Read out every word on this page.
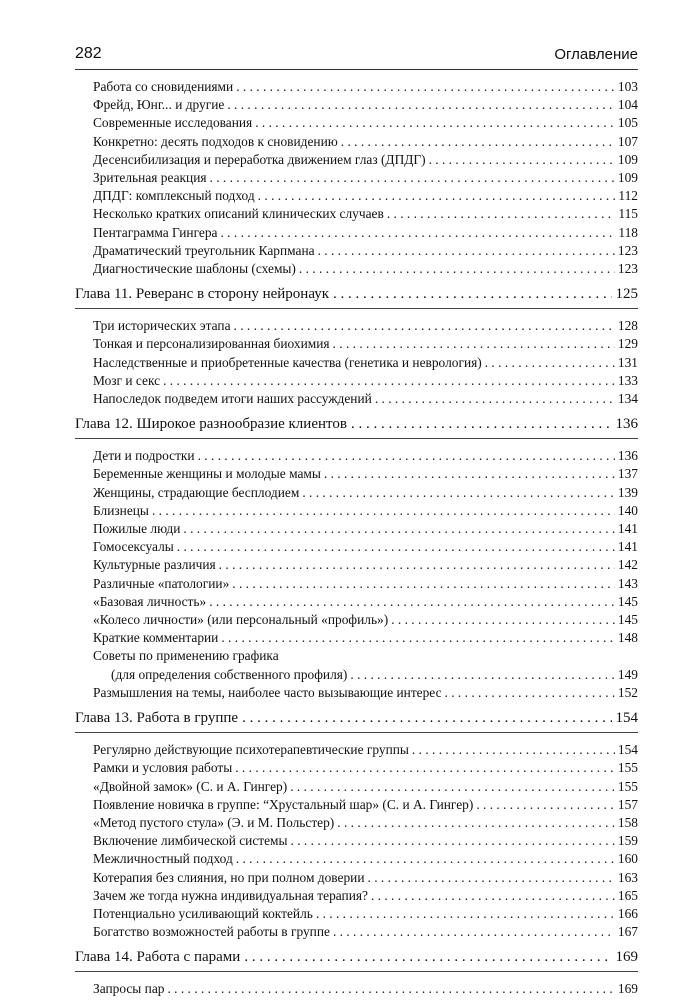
282	Оглавление
Работа со сновидениями . . .	103
Фрейд, Юнг... и другие . . .	104
Современные исследования . . .	105
Конкретно: десять подходов к сновидению . . .	107
Десенсибилизация и переработка движением глаз (ДПДГ) . . .	109
Зрительная реакция . . .	109
ДПДГ: комплексный подход . . .	112
Несколько кратких описаний клинических случаев . . .	115
Пентаграмма Гингера . . .	118
Драматический треугольник Карпмана . . .	123
Диагностические шаблоны (схемы) . . .	123
Глава 11. Реверанс в сторону нейронаук . . .	125
Три исторических этапа . . .	128
Тонкая и персонализированная биохимия . . .	129
Наследственные и приобретенные качества (генетика и неврология) . . .	131
Мозг и секс . . .	133
Напоследок подведем итоги наших рассуждений . . .	134
Глава 12. Широкое разнообразие клиентов . . .	136
Дети и подростки . . .	136
Беременные женщины и молодые мамы . . .	137
Женщины, страдающие бесплодием . . .	139
Близнецы . . .	140
Пожилые люди . . .	141
Гомосексуалы . . .	141
Культурные различия . . .	142
Различные «патологии» . . .	143
«Базовая личность» . . .	145
«Колесо личности» (или персональный «профиль») . . .	145
Краткие комментарии . . .	148
Советы по применению графика
(для определения собственного профиля) . . .	149
Размышления на темы, наиболее часто вызывающие интерес . . .	152
Глава 13. Работа в группе . . .	154
Регулярно действующие психотерапевтические группы . . .	154
Рамки и условия работы . . .	155
«Двойной замок» (С. и А. Гингер) . . .	155
Появление новичка в группе: “Хрустальный шар» (С. и А. Гингер) . . .	157
«Метод пустого стула» (Э. и М. Польстер) . . .	158
Включение лимбической системы . . .	159
Межличностный подход . . .	160
Котерапия без слияния, но при полном доверии . . .	163
Зачем же тогда нужна индивидуальная терапия? . . .	165
Потенциально усиливающий коктейль . . .	166
Богатство возможностей работы в группе . . .	167
Глава 14. Работа с парами . . .	169
Запросы пар . . .	169
